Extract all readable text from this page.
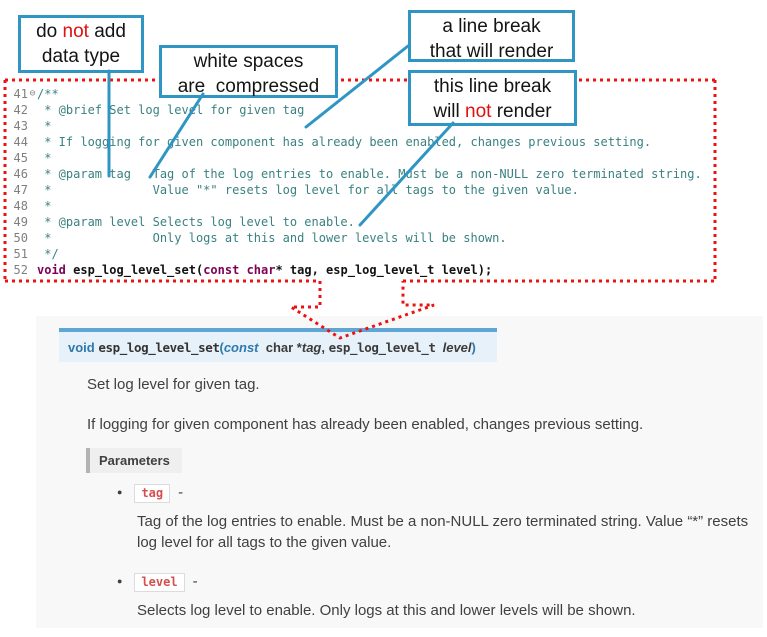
void esp_log_level_set(const  char *tag, esp_log_level_t level)
Set log level for given tag.
If logging for given component has already been enabled, changes previous setting.
Parameters
● tag -
Tag of the log entries to enable. Must be a non-NULL zero terminated string. Value “*” resets log level for all tags to the given value.
● level -
Selects log level to enable. Only logs at this and lower levels will be shown.
41⊖/**
42  * @brief Set log level for given tag
43  *
44  * If logging for given component has already been enabled, changes previous setting.
45  *
46  * @param tag   Tag of the log entries to enable. Must be a non-NULL zero terminated string.
47  *              Value "*" resets log level for all tags to the given value.
48  *
49  * @param level Selects log level to enable.
50  *              Only logs at this and lower levels will be shown.
51  */
52 void esp_log_level_set(const char* tag, esp_log_level_t level);
do not add
data type	white spaces
are  compressed
a line break
that will render
this line break
will not render
